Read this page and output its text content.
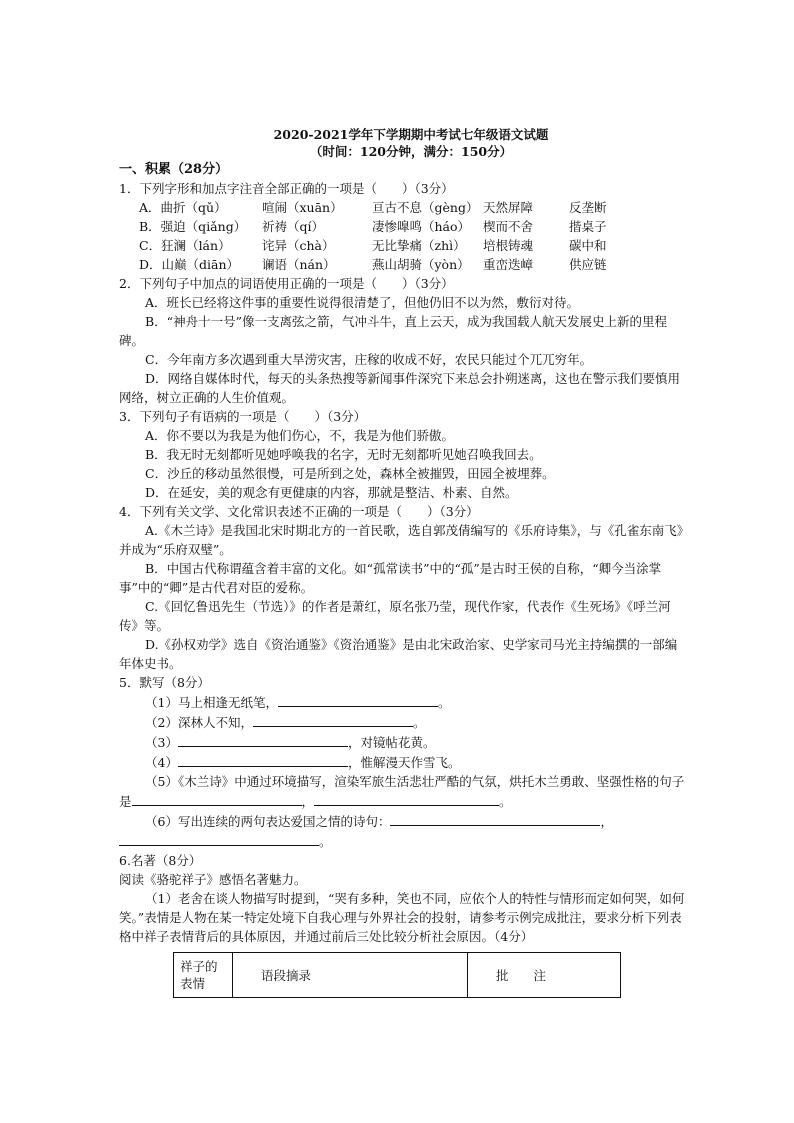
2020-2021学年下学期期中考试七年级语文试题
（时间：120分钟，满分：150分）
一、积累（28分）
1．下列字形和加点字注音全部正确的一项是（　　）（3分）
A．曲折（qǔ）	喧闹（xuān）	亘古不息（gèng） 天然屏障	反垄断
B．强迫（qiǎng）	祈祷（qí）	凄惨嘷鸣（háo）	楔而不舍	揩桌子
C．狂澜（lán）	诧异（chà）	无比挚痛（zhì）	培根铸魂	碳中和
D．山巅（diān）	谰语（nán）	燕山胡骑（yòn）	重峦迭嶂	供应链
2．下列句子中加点的词语使用正确的一项是（　　）（3分）
A．班长已经将这件事的重要性说得很清楚了，但他仍旧不以为然，敷衍对待。
B．“神舟十一号”像一支离弦之箭，气冲斗牛，直上云天，成为我国载人航天发展史上新的里程碑。
C．今年南方多次遇到重大旱涝灾害，庄稼的收成不好，农民只能过个兀兀穷年。
D．网络自媒体时代，每天的头条热搜等新闻事件深究下来总会扑朔迷离，这也在警示我们要慎用网络，树立正确的人生价值观。
3．下列句子有语病的一项是（　　）（3分）
A．你不要以为我是为他们伤心，不，我是为他们骄傲。
B．我无时无刻都听见她呼唤我的名字，无时无刻都听见她召唤我回去。
C．沙丘的移动虽然很慢，可是所到之处，森林全被摧毁，田园全被埋葬。
D．在延安，美的观念有更健康的内容，那就是整洁、朴素、自然。
4．下列有关文学、文化常识表述不正确的一项是（　　）（3分）
A.《木兰诗》是我国北宋时期北方的一首民歌，选自郭茂倩编写的《乐府诗集》，与《孔雀东南飞》并成为“乐府双璧”。
B．中国古代称谓蕴含着丰富的文化。如“孤常读书”中的“孤”是古时王侯的自称，“卿今当涂掌事”中的“卿”是古代君对臣的爱称。
C.《回忆鲁迅先生（节选）》的作者是萧红，原名张乃莹，现代作家，代表作《生死场》《呼兰河传》等。
D.《孙权劝学》选自《资治通鉴》《资治通鉴》是由北宋政治家、史学家司马光主持编撰的一部编年体史书。
5．默写（8分）
（1）马上相逢无纸笔，	。
（2）深林人不知，	。
（3）	，对镜帖花黄。
（4）	，惟解漫天作雪飞。
（5）《木兰诗》中通过环境描写，渲染军旅生活悲壮严酷的气氛，烘托木兰勇敢、坚强性格的句子是	，	。
（6）写出连续的两句表达爱国之情的诗句：	，。
6.名著（8分）
阅读《骆驼祥子》感悟名著魅力。
（1）老舍在谈人物描写时提到，“哭有多种，笑也不同，应依个人的特性与情形而定如何哭，如何笑。”表情是人物在某一特定处境下自我心理与外界社会的投射，请参考示例完成批注，要求分析下列表格中祥子表情背后的具体原因，并通过前后三处比较分析社会原因。（4分）
祥子的表情	语段摘录	批　　注
